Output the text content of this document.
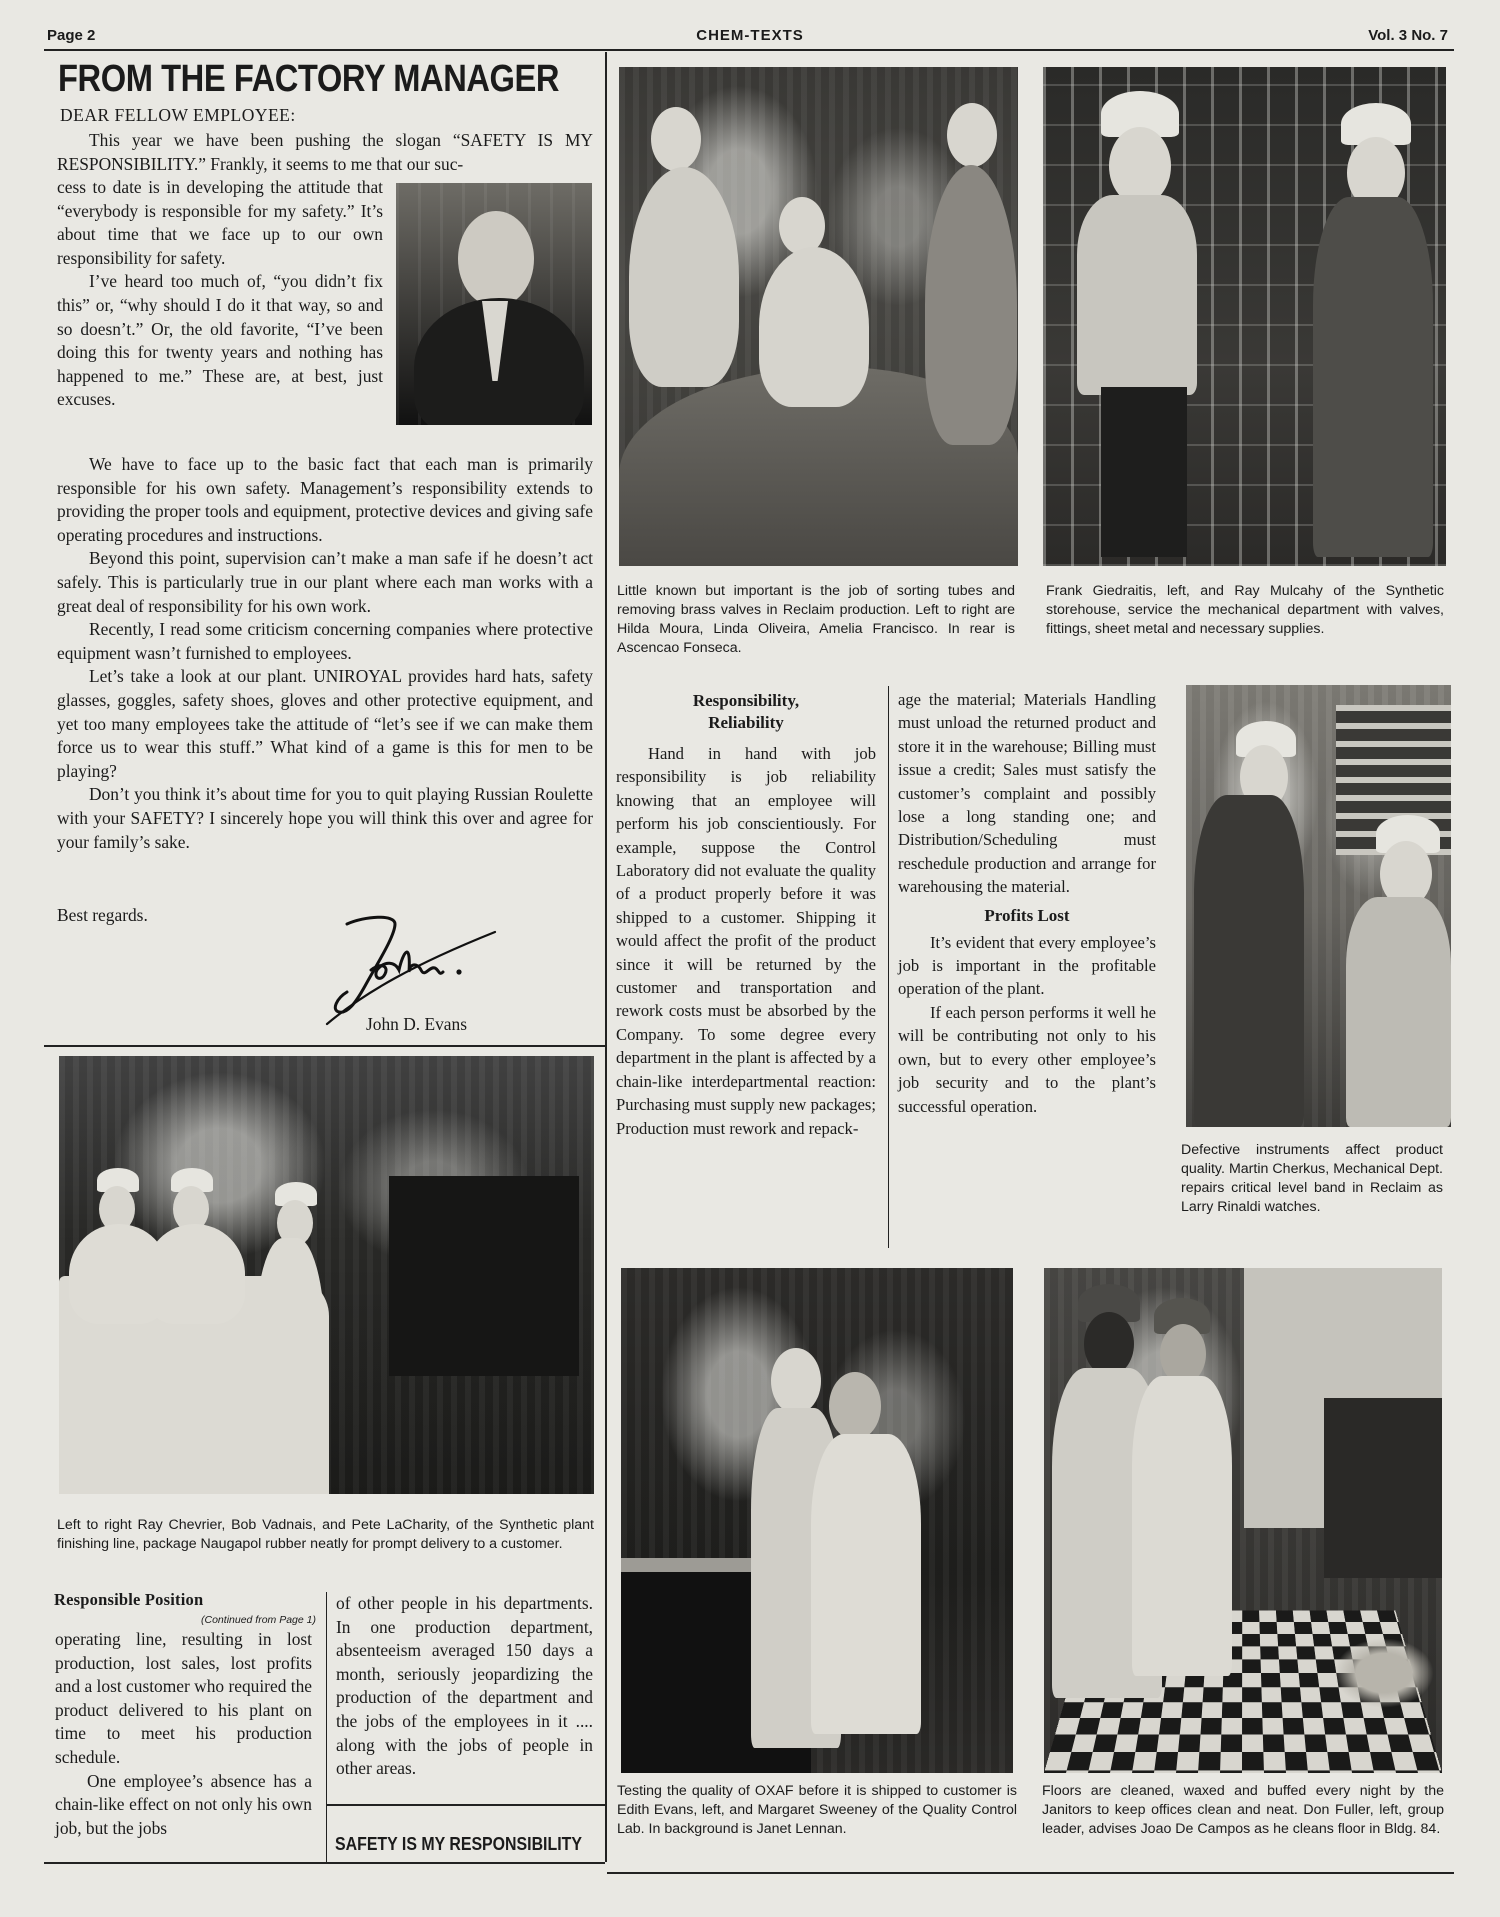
Page 2	CHEM-TEXTS	Vol. 3 No. 7
FROM THE FACTORY MANAGER
DEAR FELLOW EMPLOYEE:

This year we have been pushing the slogan “SAFETY IS MY RESPONSIBILITY.” Frankly, it seems to me that our suc-

cess to date is in developing the attitude that “everybody is responsible for my safety.” It’s about time that we face up to our own responsibility for safety.

I’ve heard too much of, “you didn’t fix this” or, “why should I do it that way, so and so doesn’t.” Or, the old favorite, “I’ve been doing this for twenty years and nothing has happened to me.” These are, at best, just excuses.

We have to face up to the basic fact that each man is primarily responsible for his own safety. Management’s responsibility extends to providing the proper tools and equipment, protective devices and giving safe operating procedures and instructions.

Beyond this point, supervision can’t make a man safe if he doesn’t act safely. This is particularly true in our plant where each man works with a great deal of responsibility for his own work.

Recently, I read some criticism concerning companies where protective equipment wasn’t furnished to employees.

Let’s take a look at our plant. UNIROYAL provides hard hats, safety glasses, goggles, safety shoes, gloves and other protective equipment, and yet too many employees take the attitude of “let’s see if we can make them force us to wear this stuff.” What kind of a game is this for men to be playing?

Don’t you think it’s about time for you to quit playing Russian Roulette with your SAFETY? I sincerely hope you will think this over and agree for your family’s sake.

Best regards.
John D. Evans
Left to right Ray Chevrier, Bob Vadnais, and Pete LaCharity, of the Synthetic plant finishing line, package Naugapol rubber neatly for prompt delivery to a customer.
Responsible Position
(Continued from Page 1)

operating line, resulting in lost production, lost sales, lost profits and a lost customer who required the product delivered to his plant on time to meet his production schedule.

One employee’s absence has a chain-like effect on not only his own job, but the jobs

of other people in his departments. In one production department, absenteeism averaged 150 days a month, seriously jeopardizing the production of the department and the jobs of the employees in it .... along with the jobs of people in other areas.

SAFETY IS MY RESPONSIBILITY
Little known but important is the job of sorting tubes and removing brass valves in Reclaim production. Left to right are Hilda Moura, Linda Oliveira, Amelia Francisco. In rear is Ascencao Fonseca.
Frank Giedraitis, left, and Ray Mulcahy of the Synthetic storehouse, service the mechanical department with valves, fittings, sheet metal and necessary supplies.
Responsibility, Reliability

Hand in hand with job responsibility is job reliability knowing that an employee will perform his job conscientiously. For example, suppose the Control Laboratory did not evaluate the quality of a product properly before it was shipped to a customer. Shipping it would affect the profit of the product since it will be returned by the customer and transportation and rework costs must be absorbed by the Company. To some degree every department in the plant is affected by a chain-like interdepartmental reaction: Purchasing must supply new packages; Production must rework and repack-

age the material; Materials Handling must unload the returned product and store it in the warehouse; Billing must issue a credit; Sales must satisfy the customer’s complaint and possibly lose a long standing one; and Distribution/Scheduling must reschedule production and arrange for warehousing the material.

Profits Lost

It’s evident that every employee’s job is important in the profitable operation of the plant.

If each person performs it well he will be contributing not only to his own, but to every other employee’s job security and to the plant’s successful operation.

Defective instruments affect product quality. Martin Cherkus, Mechanical Dept. repairs critical level band in Reclaim as Larry Rinaldi watches.
Testing the quality of OXAF before it is shipped to customer is Edith Evans, left, and Margaret Sweeney of the Quality Control Lab. In background is Janet Lennan.
Floors are cleaned, waxed and buffed every night by the Janitors to keep offices clean and neat. Don Fuller, left, group leader, advises Joao De Campos as he cleans floor in Bldg. 84.
